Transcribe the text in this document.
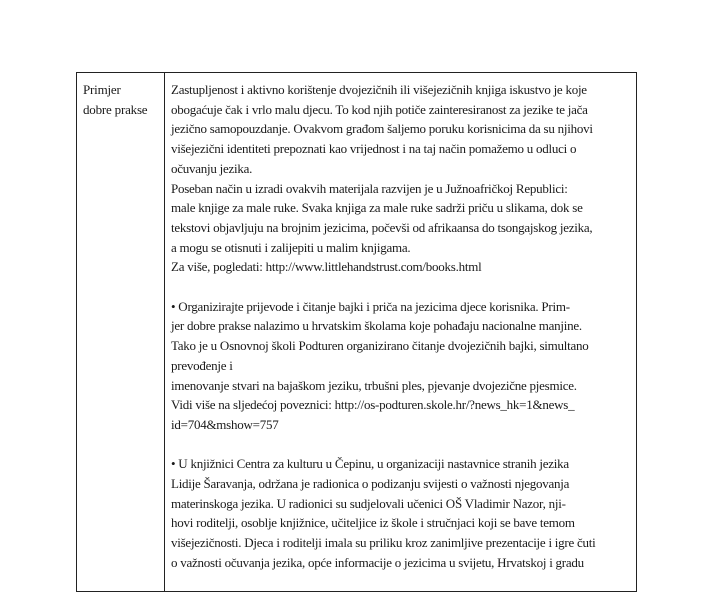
Primjer
dobre prakse
Zastupljenost i aktivno korištenje dvojezičnih ili višejezičnih knjiga iskustvo je koje
obogaćuje čak i vrlo malu djecu. To kod njih potiče zainteresiranost za jezike te jača
jezično samopouzdanje. Ovakvom građom šaljemo poruku korisnicima da su njihovi
višejezični identiteti prepoznati kao vrijednost i na taj način pomažemo u odluci o
očuvanju jezika.
Poseban način u izradi ovakvih materijala razvijen je u Južnoafričkoj Republici:
male knjige za male ruke. Svaka knjiga za male ruke sadrži priču u slikama, dok se
tekstovi objavljuju na brojnim jezicima, počevši od afrikaansa do tsongajskog jezika,
a mogu se otisnuti i zalijepiti u malim knjigama.
Za više, pogledati: http://www.littlehandstrust.com/books.html
• Organizirajte prijevode i čitanje bajki i priča na jezicima djece korisnika. Prim-
jer dobre prakse nalazimo u hrvatskim školama koje pohađaju nacionalne manjine.
Tako je u Osnovnoj školi Podturen organizirano čitanje dvojezičnih bajki, simultano
prevođenje i
imenovanje stvari na bajaškom jeziku, trbušni ples, pjevanje dvojezične pjesmice.
Vidi više na sljedećoj poveznici: http://os-podturen.skole.hr/?news_hk=1&news_
id=704&mshow=757
• U knjižnici Centra za kulturu u Čepinu, u organizaciji nastavnice stranih jezika
Lidije Šaravanja, održana je radionica o podizanju svijesti o važnosti njegovanja
materinskoga jezika. U radionici su sudjelovali učenici OŠ Vladimir Nazor, nji-
hovi roditelji, osoblje knjižnice, učiteljice iz škole i stručnjaci koji se bave temom
višejezičnosti. Djeca i roditelji imala su priliku kroz zanimljive prezentacije i igre čuti
o važnosti očuvanja jezika, opće informacije o jezicima u svijetu, Hrvatskoj i gradu
